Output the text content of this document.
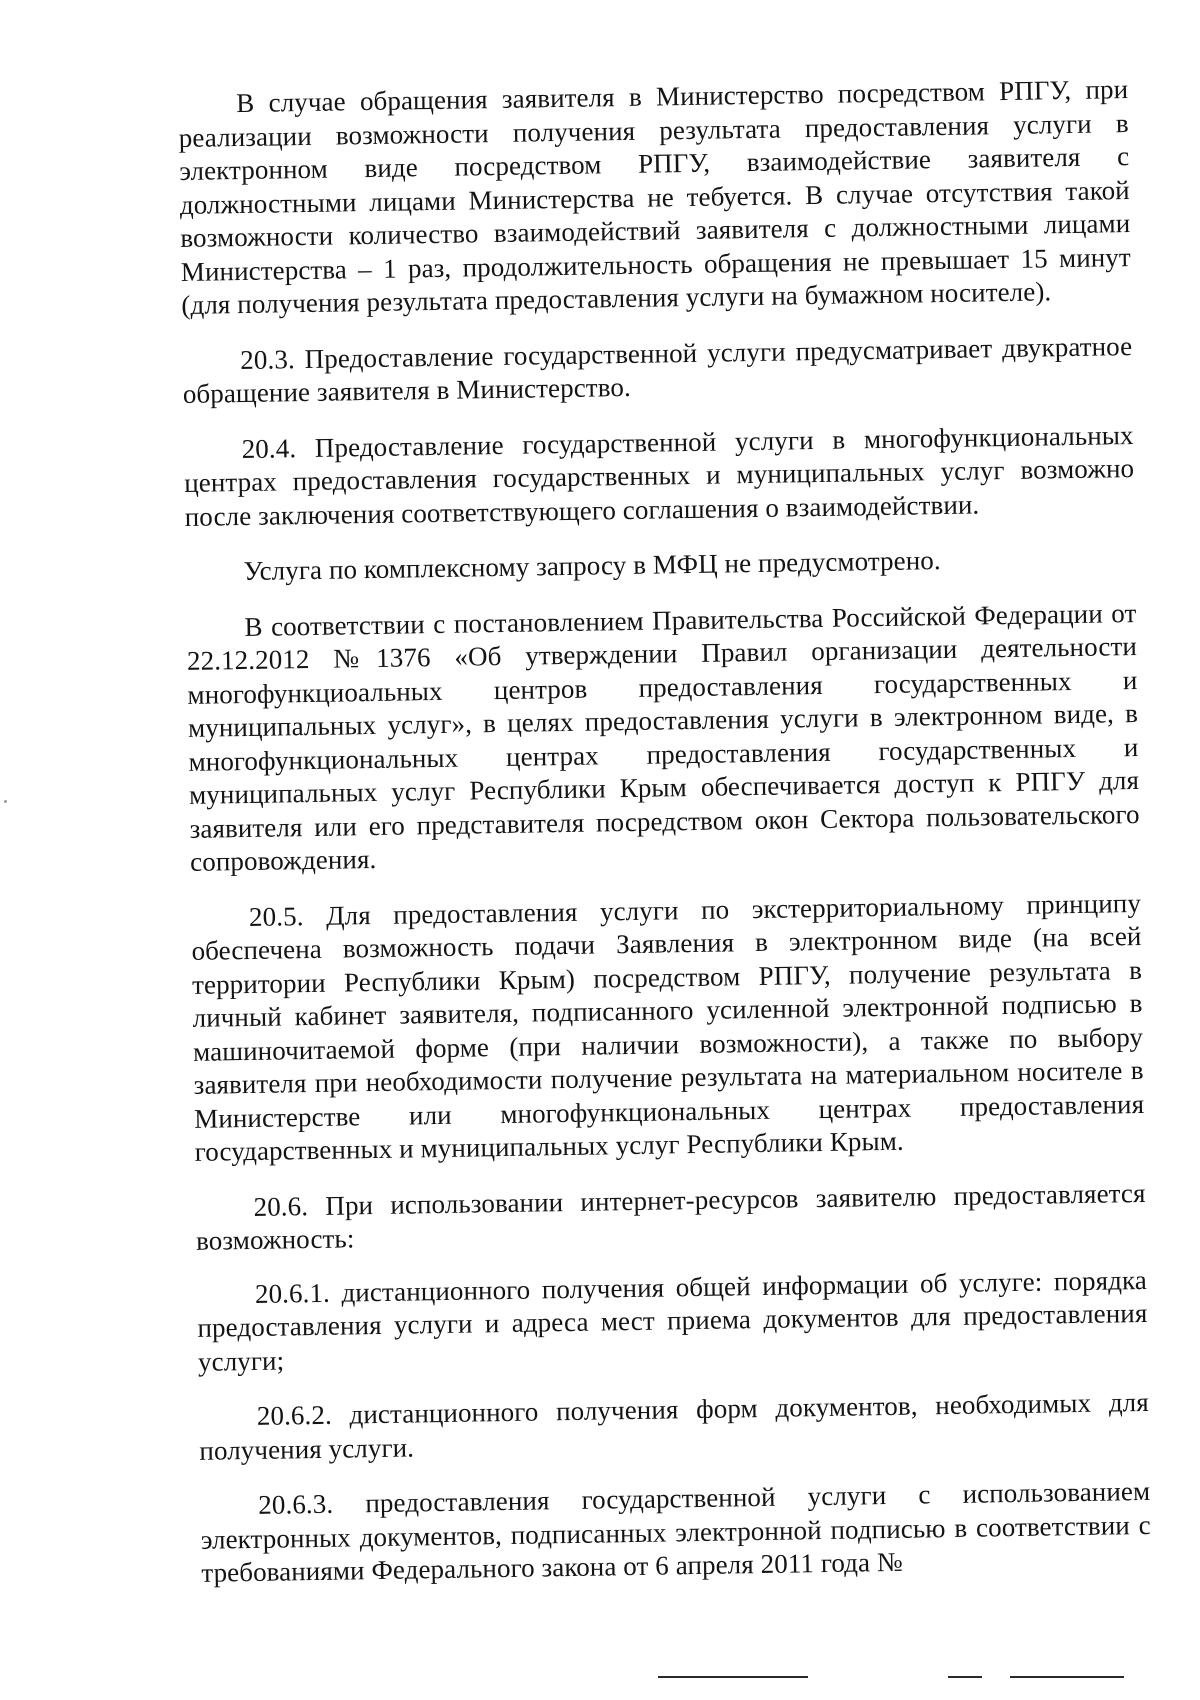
В случае обращения заявителя в Министерство посредством РПГУ, при реализации возможности получения результата предоставления услуги в электронном виде посредством РПГУ, взаимодействие заявителя с должностными лицами Министерства не тебуется. В случае отсутствия такой возможности количество взаимодействий заявителя с должностными лицами Министерства – 1 раз, продолжительность обращения не превышает 15 минут (для получения результата предоставления услуги на бумажном носителе).

20.3. Предоставление государственной услуги предусматривает двукратное обращение заявителя в Министерство.

20.4. Предоставление государственной услуги в многофункциональных центрах предоставления государственных и муниципальных услуг возможно после заключения соответствующего соглашения о взаимодействии.

Услуга по комплексному запросу в МФЦ не предусмотрено.

В соответствии с постановлением Правительства Российской Федерации от 22.12.2012 №1376 «Об утверждении Правил организации деятельности многофункциоальных центров предоставления государственных и муниципальных услуг», в целях предоставления услуги в электронном виде, в многофункциональных центрах предоставления государственных и муниципальных услуг Республики Крым обеспечивается доступ к РПГУ для заявителя или его представителя посредством окон Сектора пользовательского сопровождения.

20.5. Для предоставления услуги по экстерриториальному принципу обеспечена возможность подачи Заявления в электронном виде (на всей территории Республики Крым) посредством РПГУ, получение результата в личный кабинет заявителя, подписанного усиленной электронной подписью в машиночитаемой форме (при наличии возможности), а также по выбору заявителя при необходимости получение результата на материальном носителе в Министерстве или многофункциональных центрах предоставления государственных и муниципальных услуг Республики Крым.

20.6. При использовании интернет-ресурсов заявителю предоставляется возможность:

20.6.1. дистанционного получения общей информации об услуге: порядка предоставления услуги и адреса мест приема документов для предоставления услуги;

20.6.2. дистанционного получения форм документов, необходимых для получения услуги.

20.6.3. предоставления государственной услуги с использованием электронных документов, подписанных электронной подписью в соответствии с требованиями Федерального закона от 6 апреля 2011 года №
